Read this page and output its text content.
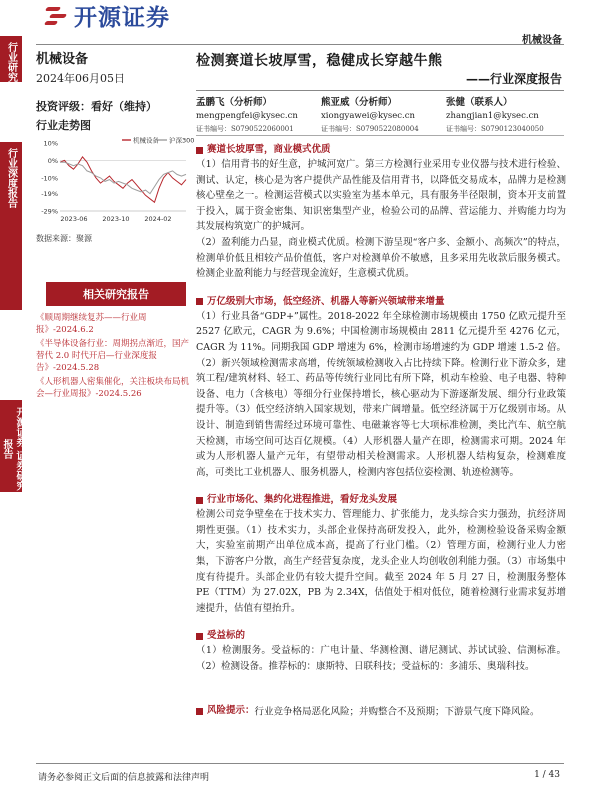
行业研究
行业深度报告
开源证券 证券研究报告
开源证券
机械设备
机械设备
2024年06月05日
投资评级：看好（维持）
行业走势图
10%
0%
-10%
-19%
-29%
2023-06 2023-10 2024-02
机械设备 沪深300
数据来源：聚源
相关研究报告
《顺周期继续复苏——行业周报》-2024.6.2
《半导体设备行业：周期拐点渐近，国产替代 2.0 时代开启—行业深度报告》-2024.5.28
《人形机器人密集催化，关注板块布局机会—行业周报》-2024.5.26
检测赛道长坡厚雪，稳健成长穿越牛熊
——行业深度报告
孟鹏飞（分析师）
mengpengfei@kysec.cn
证书编号：S0790522060001
熊亚威（分析师）
xiongyawei@kysec.cn
证书编号：S0790522080004
张健（联系人）
zhangjian1@kysec.cn
证书编号：S0790123040050
赛道长坡厚雪，商业模式优质
（1）信用背书的好生意，护城河宽广。第三方检测行业采用专业仪器与技术进行检验、测试、认定，核心是为客户提供产品性能及信用背书，以降低交易成本，品牌力是检测核心壁垒之一。检测运营模式以实验室为基本单元，具有服务半径限制，资本开支前置于投入，属于资金密集、知识密集型产业，检验公司的品牌、营运能力、并购能力均为其发展构筑宽广的护城河。
（2）盈利能力凸显，商业模式优质。检测下游呈现“客户多、金额小、高频次”的特点，检测单价低且相较产品价值低，客户对检测单价不敏感，且多采用先收款后服务模式。检测企业盈利能力与经营现金流好，生意模式优质。
万亿级别大市场，低空经济、机器人等新兴领域带来增量
（1）行业具备“GDP+”属性。2018-2022 年全球检测市场规模由 1750 亿欧元提升至 2527 亿欧元，CAGR 为 9.6%；中国检测市场规模由 2811 亿元提升至 4276 亿元，CAGR 为 11%。同期我国 GDP 增速为 6%，检测市场增速约为 GDP 增速 1.5-2 倍。（2）新兴领域检测需求高增，传统领域检测收入占比持续下降。检测行业下游众多，建筑工程/建筑材料、轻工、药品等传统行业同比有所下降，机动车检验、电子电器、特种设备、电力（含核电）等细分行业保持增长，核心驱动为下游逐渐发展、细分行业政策提升等。（3）低空经济纳入国家规划，带来广阔增量。低空经济属于万亿级别市场。从设计、制造到销售需经过环境可靠性、电磁兼容等七大项标准检测，类比汽车、航空航天检测，市场空间可达百亿规模。（4）人形机器人量产在即，检测需求可期。2024 年或为人形机器人量产元年，有望带动相关检测需求。人形机器人结构复杂，检测难度高，可类比工业机器人、服务机器人，检测内容包括位姿检测、轨迹检测等。
行业市场化、集约化进程推进，看好龙头发展
检测公司竞争壁垒在于技术实力、管理能力、扩张能力，龙头综合实力强劲，抗经济周期性更强。（1）技术实力，头部企业保持高研发投入，此外，检测检验设备采购金额大，实验室前期产出单位成本高，提高了行业门槛。（2）管理方面，检测行业人力密集，下游客户分散，高生产经营复杂度，龙头企业人均创收创利能力强。（3）市场集中度有待提升。头部企业仍有较大提升空间。截至 2024 年 5 月 27 日，检测服务整体 PE（TTM）为 27.02X，PB 为 2.34X，估值处于相对低位，随着检测行业需求复苏增速提升，估值有望抬升。
受益标的
（1）检测服务。受益标的：广电计量、华测检测、谱尼测试、苏试试验、信测标准。（2）检测设备。推荐标的：康斯特、日联科技；受益标的：多浦乐、奥瑞科技。
风险提示： 行业竞争格局恶化风险；并购整合不及预期；下游景气度下降风险。
请务必参阅正文后面的信息披露和法律声明	1 / 43
